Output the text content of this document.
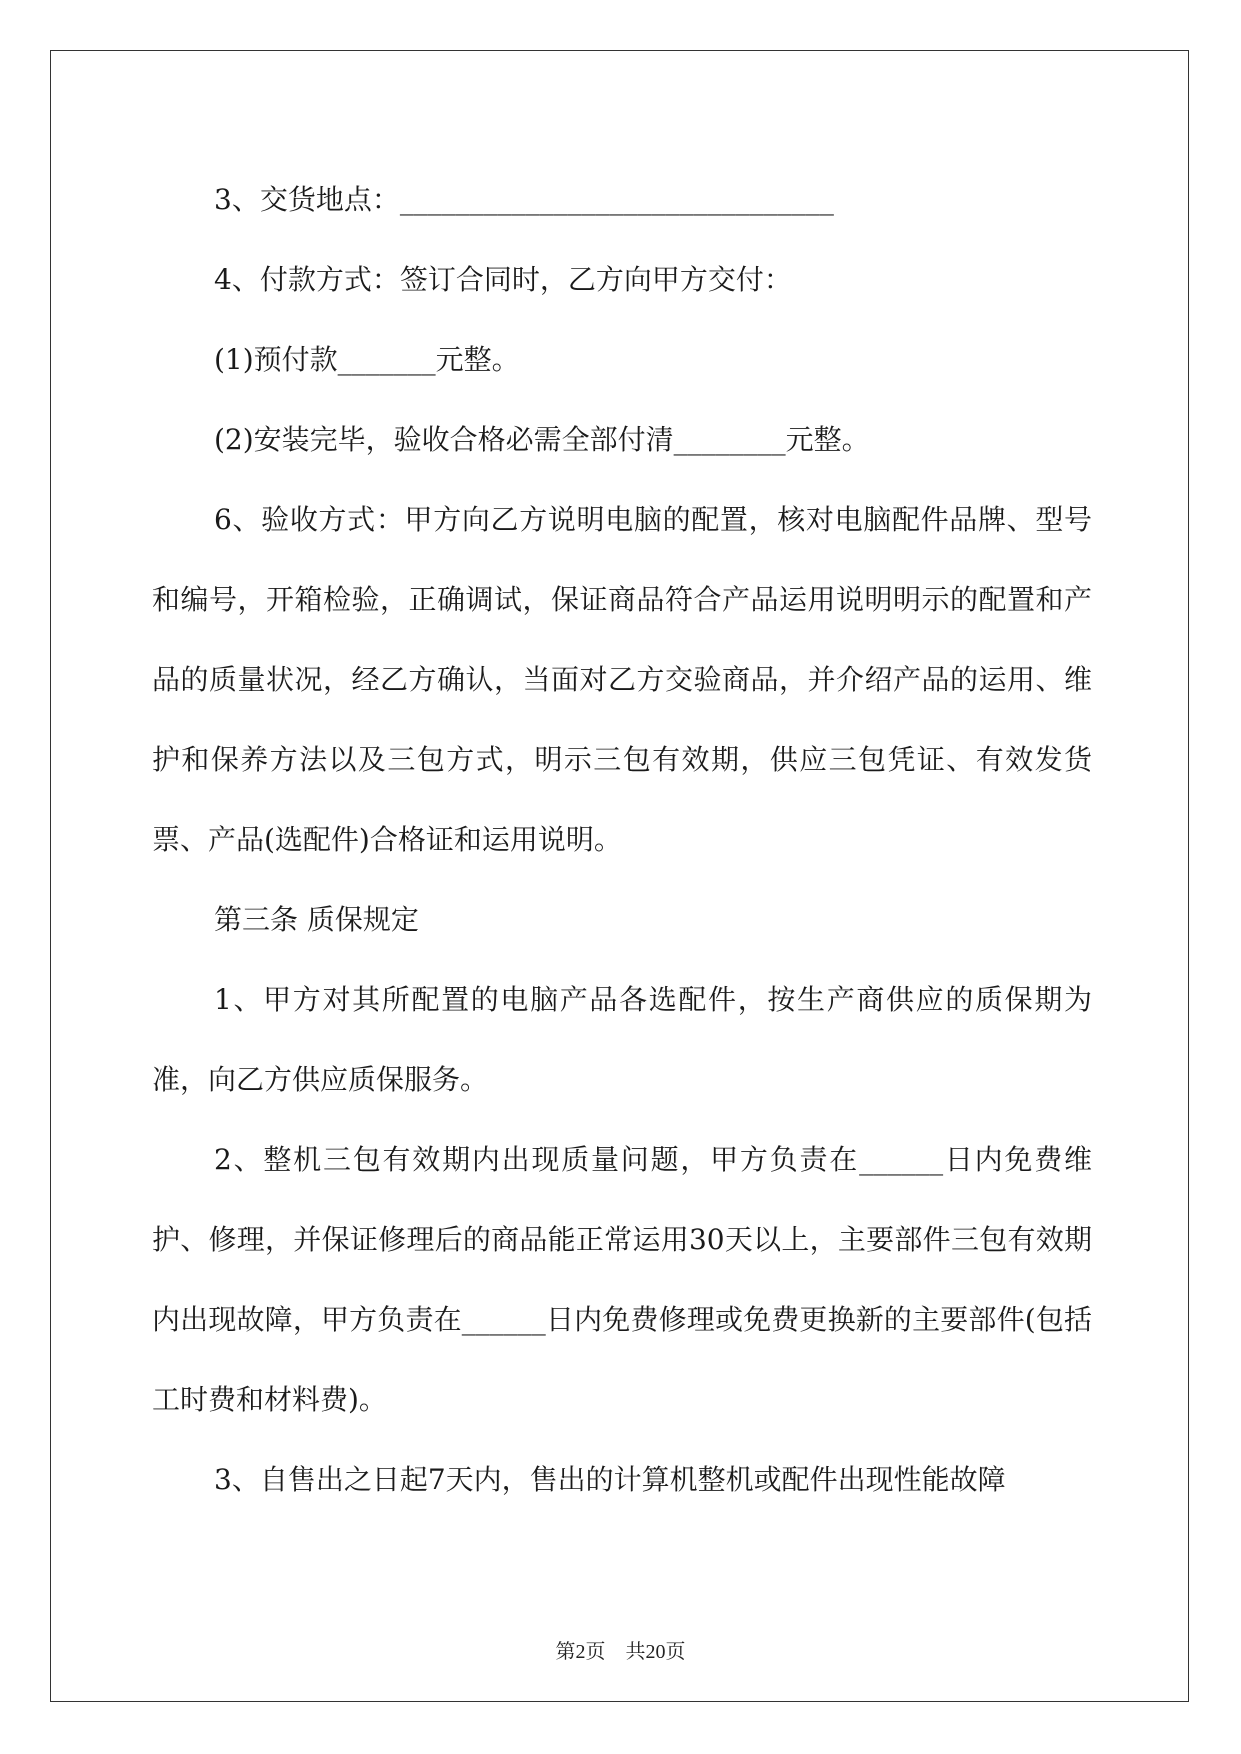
3、交货地点：_______________________________

4、付款方式：签订合同时，乙方向甲方交付：

(1)预付款_______元整。

(2)安装完毕，验收合格必需全部付清________元整。

6、验收方式：甲方向乙方说明电脑的配置，核对电脑配件品牌、型号和编号，开箱检验，正确调试，保证商品符合产品运用说明明示的配置和产品的质量状况，经乙方确认，当面对乙方交验商品，并介绍产品的运用、维护和保养方法以及三包方式，明示三包有效期，供应三包凭证、有效发货票、产品(选配件)合格证和运用说明。

第三条 质保规定

1、甲方对其所配置的电脑产品各选配件，按生产商供应的质保期为准，向乙方供应质保服务。

2、整机三包有效期内出现质量问题，甲方负责在______日内免费维护、修理，并保证修理后的商品能正常运用30天以上，主要部件三包有效期内出现故障，甲方负责在______日内免费修理或免费更换新的主要部件(包括工时费和材料费)。

3、自售出之日起7天内，售出的计算机整机或配件出现性能故障

第2页　共20页
